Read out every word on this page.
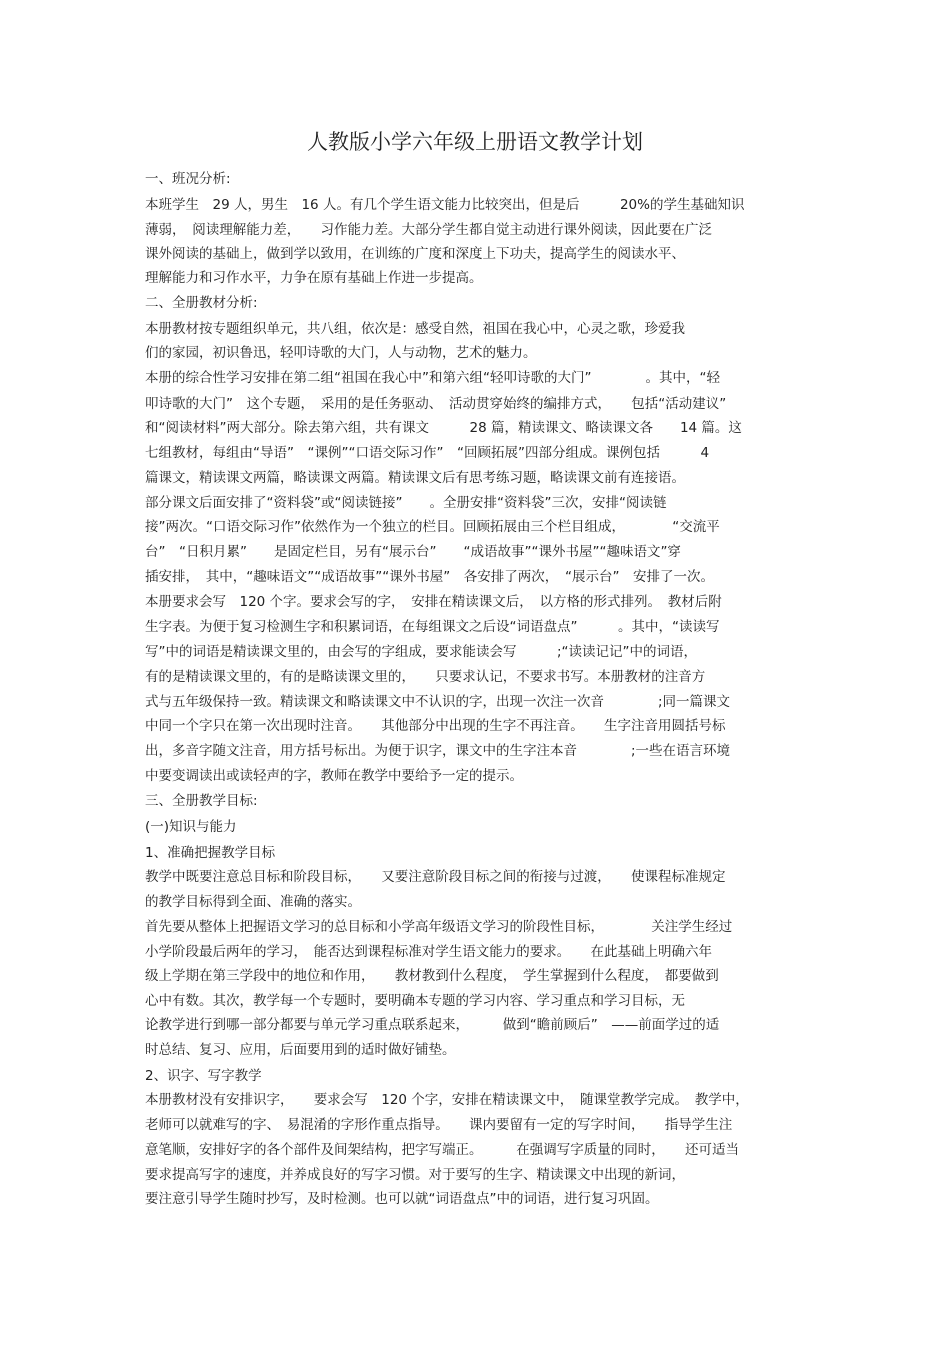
人教版小学六年级上册语文教学计划
一、班况分析:
本班学生　29 人，男生　16 人。有几个学生语文能力比较突出，但是后　　　20%的学生基础知识
薄弱，　阅读理解能力差，　　习作能力差。大部分学生都自觉主动进行课外阅读，因此要在广泛
课外阅读的基础上，做到学以致用，在训练的广度和深度上下功夫，提高学生的阅读水平、
理解能力和习作水平，力争在原有基础上作进一步提高。
二、全册教材分析:
本册教材按专题组织单元，共八组，依次是：感受自然，祖国在我心中，心灵之歌，珍爱我
们的家园，初识鲁迅，轻叩诗歌的大门，人与动物，艺术的魅力。
本册的综合性学习安排在第二组“祖国在我心中”和第六组“轻叩诗歌的大门”　　　　。其中，“轻
叩诗歌的大门”　这个专题，　采用的是任务驱动、　活动贯穿始终的编排方式，　　包括“活动建议”
和“阅读材料”两大部分。除去第六组，共有课文　　　28 篇，精读课文、略读课文各　　14 篇。这
七组教材，每组由“导语”　“课例”“口语交际习作”　“回顾拓展”四部分组成。课例包括　　　4
篇课文，精读课文两篇，略读课文两篇。精读课文后有思考练习题，略读课文前有连接语。
部分课文后面安排了“资料袋”或“阅读链接”　　。全册安排“资料袋”三次，安排“阅读链
接”两次。“口语交际习作”依然作为一个独立的栏目。回顾拓展由三个栏目组成，　　　　“交流平
台”　“日积月累”　　是固定栏目，另有“展示台”　　“成语故事”“课外书屋”“趣味语文”穿
插安排，　其中，“趣味语文”“成语故事”“课外书屋”　各安排了两次，　“展示台”　安排了一次。
本册要求会写　120 个字。要求会写的字，　安排在精读课文后，　以方格的形式排列。　教材后附
生字表。为便于复习检测生字和积累词语，在每组课文之后设“词语盘点”　　　。其中，“读读写
写”中的词语是精读课文里的，由会写的字组成，要求能读会写　　　;“读读记记”中的词语，
有的是精读课文里的，有的是略读课文里的，　　只要求认记，不要求书写。本册教材的注音方
式与五年级保持一致。精读课文和略读课文中不认识的字，出现一次注一次音　　　　;同一篇课文
中同一个字只在第一次出现时注音。　　其他部分中出现的生字不再注音。　　生字注音用圆括号标
出，多音字随文注音，用方括号标出。为便于识字，课文中的生字注本音　　　　;一些在语言环境
中要变调读出或读轻声的字，教师在教学中要给予一定的提示。
三、全册教学目标:
(一)知识与能力
1、准确把握教学目标
教学中既要注意总目标和阶段目标，　　又要注意阶段目标之间的衔接与过渡，　　使课程标准规定
的教学目标得到全面、准确的落实。
首先要从整体上把握语文学习的总目标和小学高年级语文学习的阶段性目标，　　　　关注学生经过
小学阶段最后两年的学习，　能否达到课程标准对学生语文能力的要求。　　在此基础上明确六年
级上学期在第三学段中的地位和作用，　　教材教到什么程度，　学生掌握到什么程度，　都要做到
心中有数。其次，教学每一个专题时，要明确本专题的学习内容、学习重点和学习目标，无
论教学进行到哪一部分都要与单元学习重点联系起来，　　　做到“瞻前顾后”　——前面学过的适
时总结、复习、应用，后面要用到的适时做好铺垫。
2、识字、写字教学
本册教材没有安排识字，　　要求会写　120 个字，安排在精读课文中，　随课堂教学完成。　教学中，
老师可以就难写的字、　易混淆的字形作重点指导。　　课内要留有一定的写字时间，　　指导学生注
意笔顺，安排好字的各个部件及间架结构，把字写端正。　　　在强调写字质量的同时，　　还可适当
要求提高写字的速度，并养成良好的写字习惯。对于要写的生字、精读课文中出现的新词，
要注意引导学生随时抄写，及时检测。也可以就“词语盘点”中的词语，进行复习巩固。
